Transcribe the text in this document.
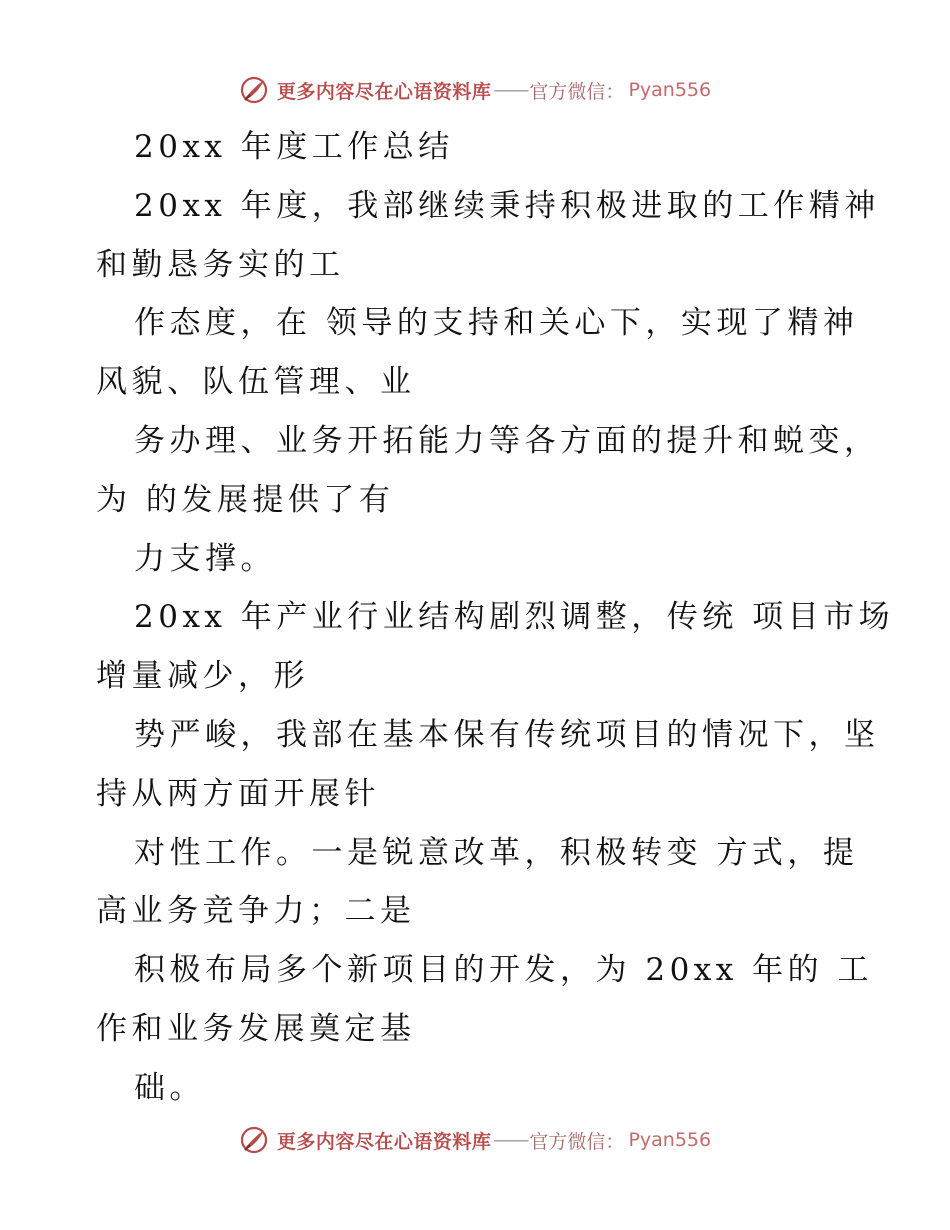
更多内容尽在心语资料库 —— 官方微信： Pyan556

20xx 年度工作总结

20xx 年度，我部继续秉持积极进取的工作精神

和勤恳务实的工

作态度，在 领导的支持和关心下，实现了精神

风貌、队伍管理、业

务办理、业务开拓能力等各方面的提升和蜕变，

为 的发展提供了有

力支撑。

20xx 年产业行业结构剧烈调整，传统 项目市场

增量减少，形

势严峻，我部在基本保有传统项目的情况下，坚

持从两方面开展针

对性工作。一是锐意改革，积极转变 方式，提

高业务竞争力；二是

积极布局多个新项目的开发，为 20xx 年的 工

作和业务发展奠定基

础。

更多内容尽在心语资料库 —— 官方微信： Pyan556
